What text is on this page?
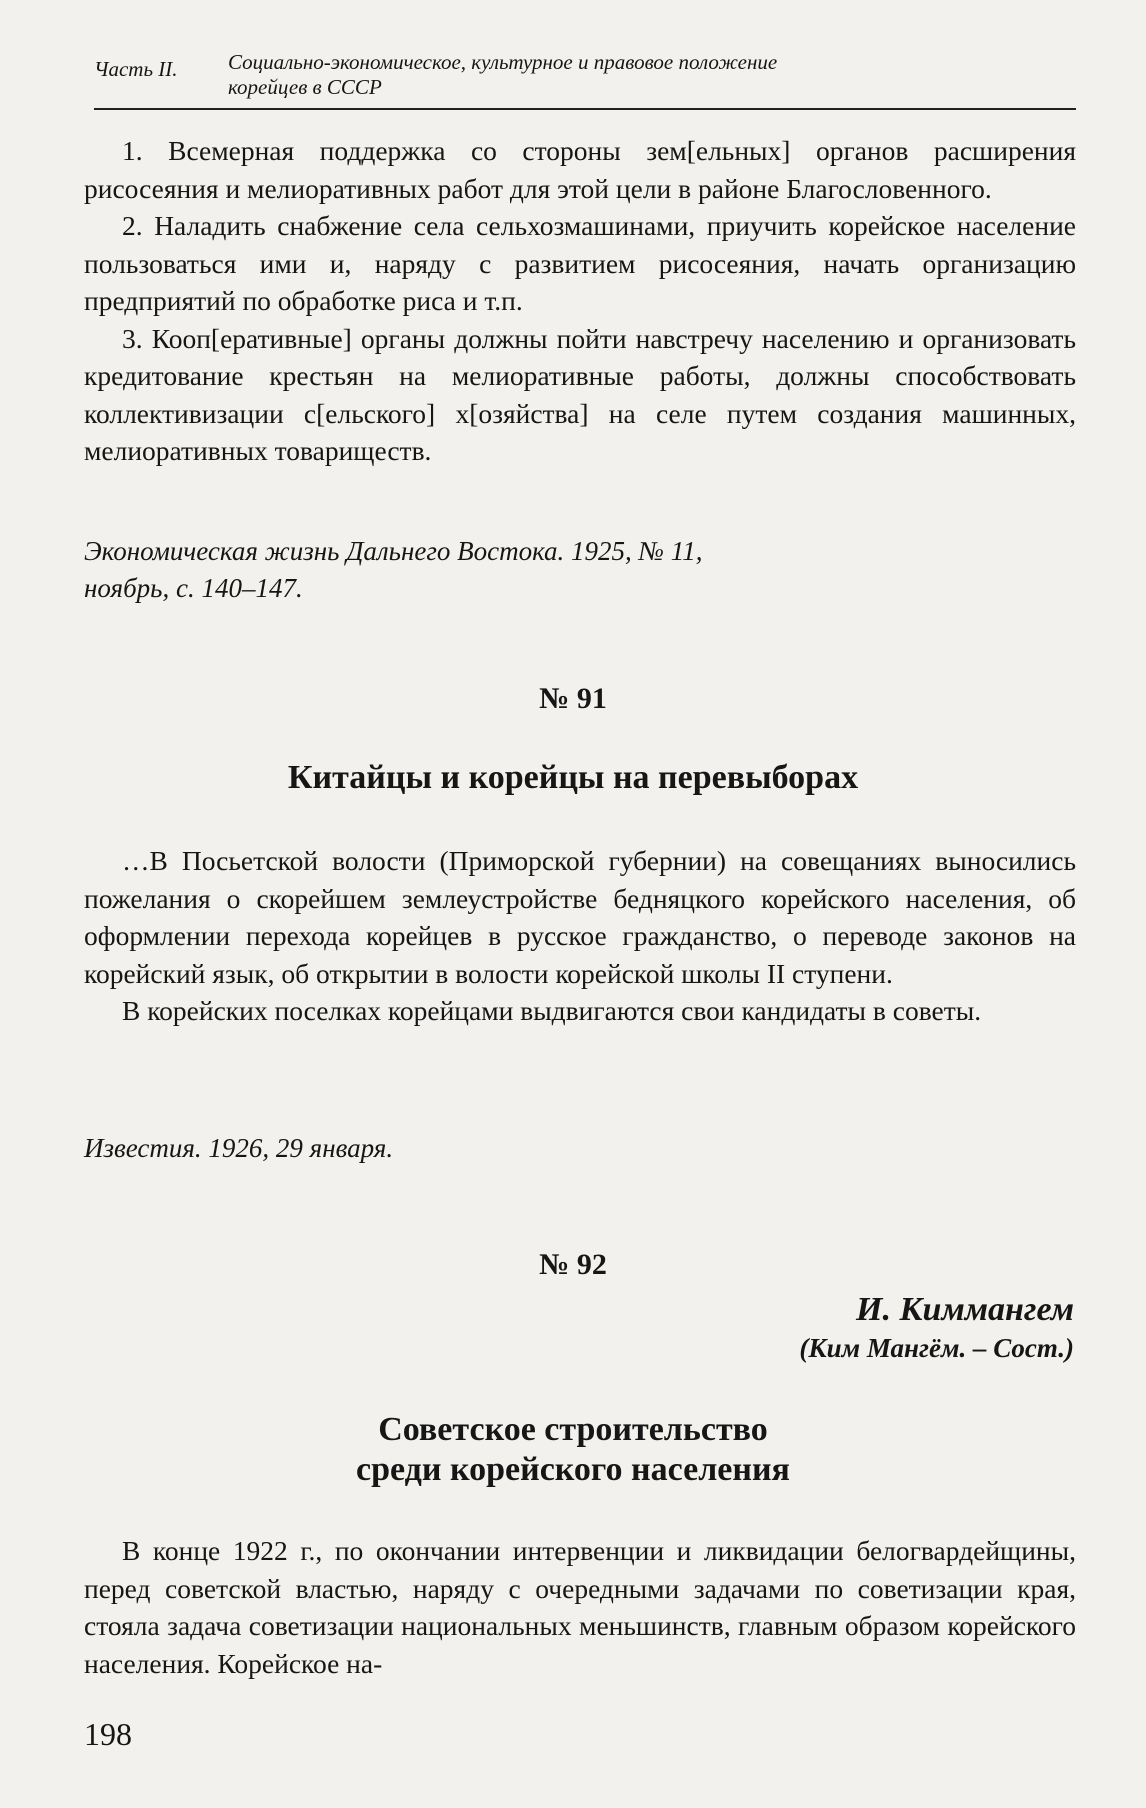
Часть II. Социально-экономическое, культурное и правовое положение
корейцев в СССР

1. Всемерная поддержка со стороны зем[ельных] органов расширения рисосеяния и мелиоративных работ для этой цели в районе Благословенного.

2. Наладить снабжение села сельхозмашинами, приучить корейское население пользоваться ими и, наряду с развитием рисосеяния, начать организацию предприятий по обработке риса и т.п.

3. Кооп[еративные] органы должны пойти навстречу населению и организовать кредитование крестьян на мелиоративные работы, должны способствовать коллективизации с[ельского] х[озяйства] на селе путем создания машинных, мелиоративных товариществ.

Экономическая жизнь Дальнего Востока. 1925, № 11,
ноябрь, с. 140–147.
№ 91
Китайцы и корейцы на перевыборах

…В Посьетской волости (Приморской губернии) на совещаниях выносились пожелания о скорейшем землеустройстве бедняцкого корейского населения, об оформлении перехода корейцев в русское гражданство, о переводе законов на корейский язык, об открытии в волости корейской школы II ступени.

В корейских поселках корейцами выдвигаются свои кандидаты в советы.

Известия. 1926, 29 января.
№ 92
И. Киммангем
(Ким Мангём. – Сост.)
Советское строительство
среди корейского населения

В конце 1922 г., по окончании интервенции и ликвидации белогвардейщины, перед советской властью, наряду с очередными задачами по советизации края, стояла задача советизации национальных меньшинств, главным образом корейского населения. Корейское на-

198
